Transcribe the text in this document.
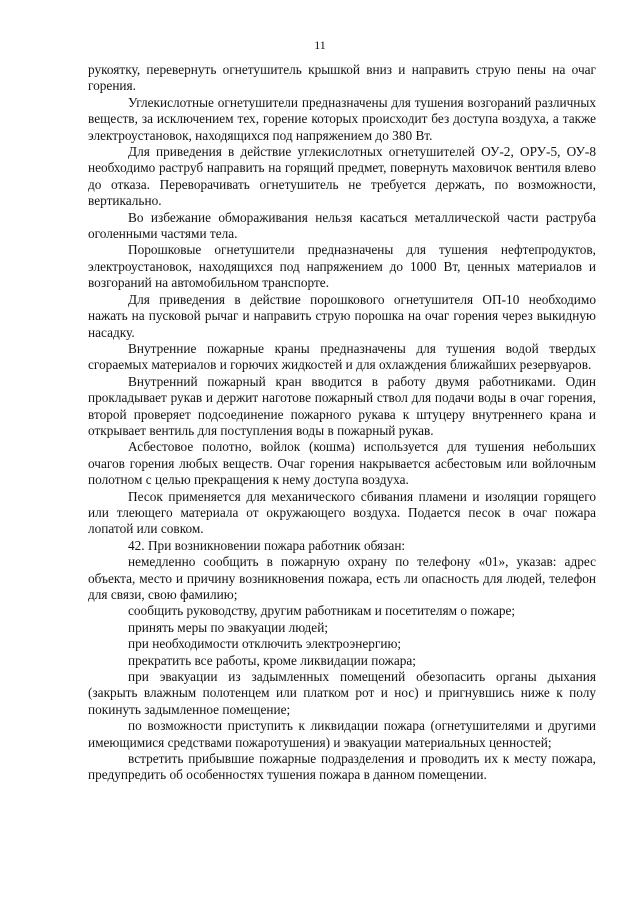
11

рукоятку, перевернуть огнетушитель крышкой вниз и направить струю пены на очаг горения.

Углекислотные огнетушители предназначены для тушения возгораний различных веществ, за исключением тех, горение которых происходит без доступа воздуха, а также электроустановок, находящихся под напряжением до 380 Вт.

Для приведения в действие углекислотных огнетушителей ОУ-2, ОРУ-5, ОУ-8 необходимо раструб направить на горящий предмет, повернуть маховичок вентиля влево до отказа. Переворачивать огнетушитель не требуется держать, по возможности, вертикально.

Во избежание обмораживания нельзя касаться металлической части раструба оголенными частями тела.

Порошковые огнетушители предназначены для тушения нефтепродуктов, электроустановок, находящихся под напряжением до 1000 Вт, ценных материалов и возгораний на автомобильном транспорте.

Для приведения в действие порошкового огнетушителя ОП-10 необходимо нажать на пусковой рычаг и направить струю порошка на очаг горения через выкидную насадку.

Внутренние пожарные краны предназначены для тушения водой твердых сгораемых материалов и горючих жидкостей и для охлаждения ближайших резервуаров.

Внутренний пожарный кран вводится в работу двумя работниками. Один прокладывает рукав и держит наготове пожарный ствол для подачи воды в очаг горения, второй проверяет подсоединение пожарного рукава к штуцеру внутреннего крана и открывает вентиль для поступления воды в пожарный рукав.

Асбестовое полотно, войлок (кошма) используется для тушения небольших очагов горения любых веществ. Очаг горения накрывается асбестовым или войлочным полотном с целью прекращения к нему доступа воздуха.

Песок применяется для механического сбивания пламени и изоляции горящего или тлеющего материала от окружающего воздуха. Подается песок в очаг пожара лопатой или совком.

42. При возникновении пожара работник обязан:

немедленно сообщить в пожарную охрану по телефону «01», указав: адрес объекта, место и причину возникновения пожара, есть ли опасность для людей, телефон для связи, свою фамилию;

сообщить руководству, другим работникам и посетителям о пожаре;

принять меры по эвакуации людей;

при необходимости отключить электроэнергию;

прекратить все работы, кроме ликвидации пожара;

при эвакуации из задымленных помещений обезопасить органы дыхания (закрыть влажным полотенцем или платком рот и нос) и пригнувшись ниже к полу покинуть задымленное помещение;

по возможности приступить к ликвидации пожара (огнетушителями и другими имеющимися средствами пожаротушения) и эвакуации материальных ценностей;

встретить прибывшие пожарные подразделения и проводить их к месту пожара, предупредить об особенностях тушения пожара в данном помещении.
